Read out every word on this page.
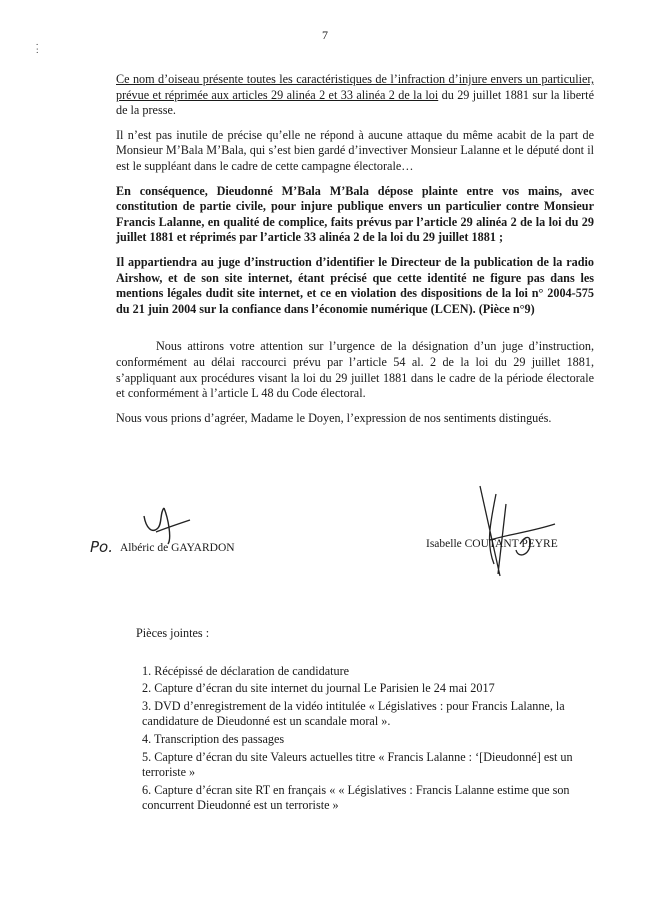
7
.
:

Ce nom d’oiseau présente toutes les caractéristiques de l’infraction d’injure envers un particulier, prévue et réprimée aux articles 29 alinéa 2 et 33 alinéa 2 de la loi du 29 juillet 1881 sur la liberté de la presse.

Il n’est pas inutile de précise qu’elle ne répond à aucune attaque du même acabit de la part de Monsieur M’Bala M’Bala, qui s’est bien gardé d’invectiver Monsieur Lalanne et le député dont il est le suppléant dans le cadre de cette campagne électorale…

En conséquence, Dieudonné M’Bala M’Bala dépose plainte entre vos mains, avec constitution de partie civile, pour injure publique envers un particulier contre Monsieur Francis Lalanne, en qualité de complice, faits prévus par l’article 29 alinéa 2 de la loi du 29 juillet 1881 et réprimés par l’article 33 alinéa 2 de la loi du 29 juillet 1881 ;

Il appartiendra au juge d’instruction d’identifier le Directeur de la publication de la radio Airshow, et de son site internet, étant précisé que cette identité ne figure pas dans les mentions légales dudit site internet, et ce en violation des dispositions de la loi n° 2004-575 du 21 juin 2004 sur la confiance dans l’économie numérique (LCEN). (Pièce n°9)

Nous attirons votre attention sur l’urgence de la désignation d’un juge d’instruction, conformément au délai raccourci prévu par l’article 54 al. 2 de la loi du 29 juillet 1881, s’appliquant aux procédures visant la loi du 29 juillet 1881 dans le cadre de la période électorale et conformément à l’article L 48 du Code électoral.

Nous vous prions d’agréer, Madame le Doyen, l’expression de nos sentiments distingués.

Po. Albéric de GAYARDON	Isabelle COUTANT PEYRE

Pièces jointes :

1. Récépissé de déclaration de candidature
2. Capture d’écran du site internet du journal Le Parisien le 24 mai 2017
3. DVD d’enregistrement de la vidéo intitulée « Législatives : pour Francis Lalanne, la candidature de Dieudonné est un scandale moral ».
4. Transcription des passages
5. Capture d’écran du site Valeurs actuelles titre « Francis Lalanne : ‘[Dieudonné] est un terroriste »
6. Capture d’écran site RT en français « « Législatives : Francis Lalanne estime que son concurrent Dieudonné est un terroriste »
